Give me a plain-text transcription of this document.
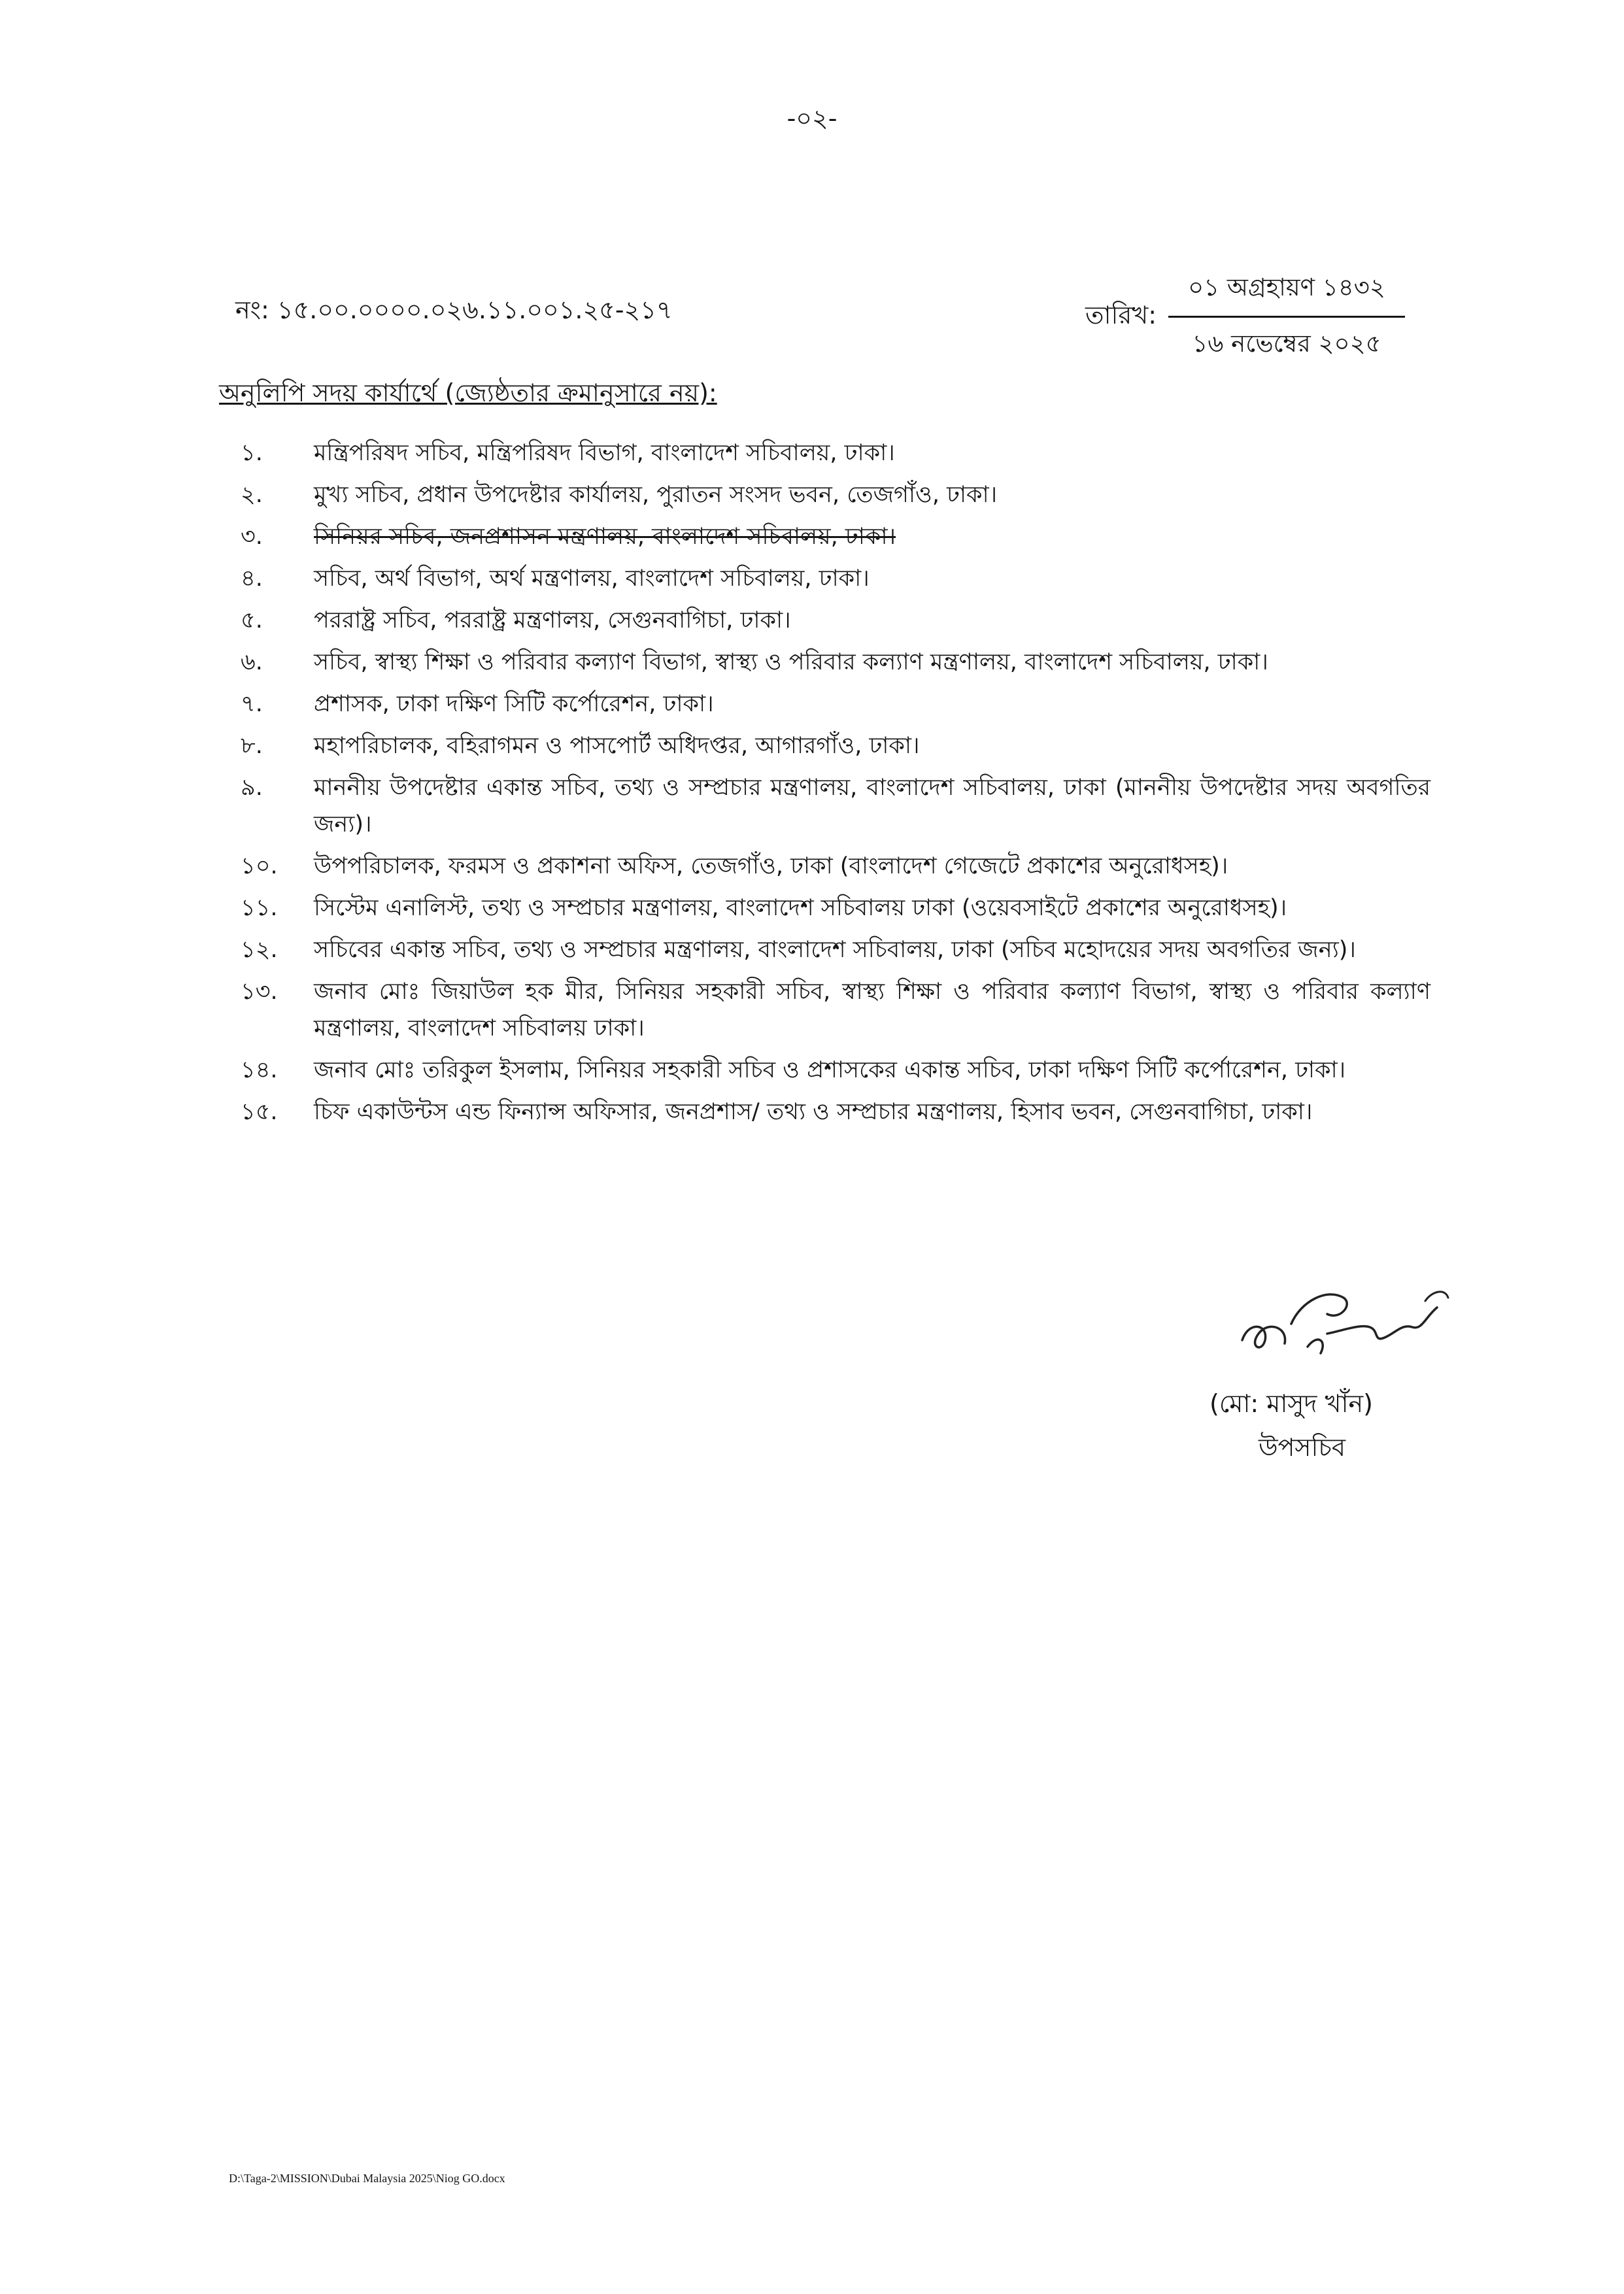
-০২-
নং: ১৫.০০.০০০০.০২৬.১১.০০১.২৫-২১৭	তারিখ:
০১ অগ্রহায়ণ ১৪৩২
১৬ নভেম্বের ২০২৫
অনুলিপি সদয় কার্যার্থে (জ্যেষ্ঠতার ক্রমানুসারে নয়):
১.	মন্ত্রিপরিষদ সচিব, মন্ত্রিপরিষদ বিভাগ, বাংলাদেশ সচিবালয়, ঢাকা।
২.	মুখ্য সচিব, প্রধান উপদেষ্টার কার্যালয়, পুরাতন সংসদ ভবন, তেজগাঁও, ঢাকা।
৩.	সিনিয়র সচিব, জনপ্রশাসন মন্ত্রণালয়, বাংলাদেশ সচিবালয়, ঢাকা।
৪.	সচিব, অর্থ বিভাগ, অর্থ মন্ত্রণালয়, বাংলাদেশ সচিবালয়, ঢাকা।
৫.	পররাষ্ট্র সচিব, পররাষ্ট্র মন্ত্রণালয়, সেগুনবাগিচা, ঢাকা।
৬.	সচিব, স্বাস্থ্য শিক্ষা ও পরিবার কল্যাণ বিভাগ, স্বাস্থ্য ও পরিবার কল্যাণ মন্ত্রণালয়, বাংলাদেশ সচিবালয়, ঢাকা।
৭.	প্রশাসক, ঢাকা দক্ষিণ সিটি কর্পোরেশন, ঢাকা।
৮.	মহাপরিচালক, বহিরাগমন ও পাসপোর্ট অধিদপ্তর, আগারগাঁও, ঢাকা।
৯.	মাননীয় উপদেষ্টার একান্ত সচিব, তথ্য ও সম্প্রচার মন্ত্রণালয়, বাংলাদেশ সচিবালয়, ঢাকা (মাননীয় উপদেষ্টার সদয় অবগতির জন্য)।
১০.	উপপরিচালক, ফরমস ও প্রকাশনা অফিস, তেজগাঁও, ঢাকা (বাংলাদেশ গেজেটে প্রকাশের অনুরোধসহ)।
১১.	সিস্টেম এনালিস্ট, তথ্য ও সম্প্রচার মন্ত্রণালয়, বাংলাদেশ সচিবালয় ঢাকা (ওয়েবসাইটে প্রকাশের অনুরোধসহ)।
১২.	সচিবের একান্ত সচিব, তথ্য ও সম্প্রচার মন্ত্রণালয়, বাংলাদেশ সচিবালয়, ঢাকা (সচিব মহোদয়ের সদয় অবগতির জন্য)।
১৩.	জনাব মোঃ জিয়াউল হক মীর, সিনিয়র সহকারী সচিব, স্বাস্থ্য শিক্ষা ও পরিবার কল্যাণ বিভাগ, স্বাস্থ্য ও পরিবার কল্যাণ মন্ত্রণালয়, বাংলাদেশ সচিবালয় ঢাকা।
১৪.	জনাব মোঃ তরিকুল ইসলাম, সিনিয়র সহকারী সচিব ও প্রশাসকের একান্ত সচিব, ঢাকা দক্ষিণ সিটি কর্পোরেশন, ঢাকা।
১৫.	চিফ একাউন্টস এন্ড ফিন্যান্স অফিসার, জনপ্রশাস/ তথ্য ও সম্প্রচার মন্ত্রণালয়, হিসাব ভবন, সেগুনবাগিচা, ঢাকা।
(মো: মাসুদ খাঁন)
উপসচিব
D:\Taga-2\MISSION\Dubai Malaysia 2025\Niog GO.docx
